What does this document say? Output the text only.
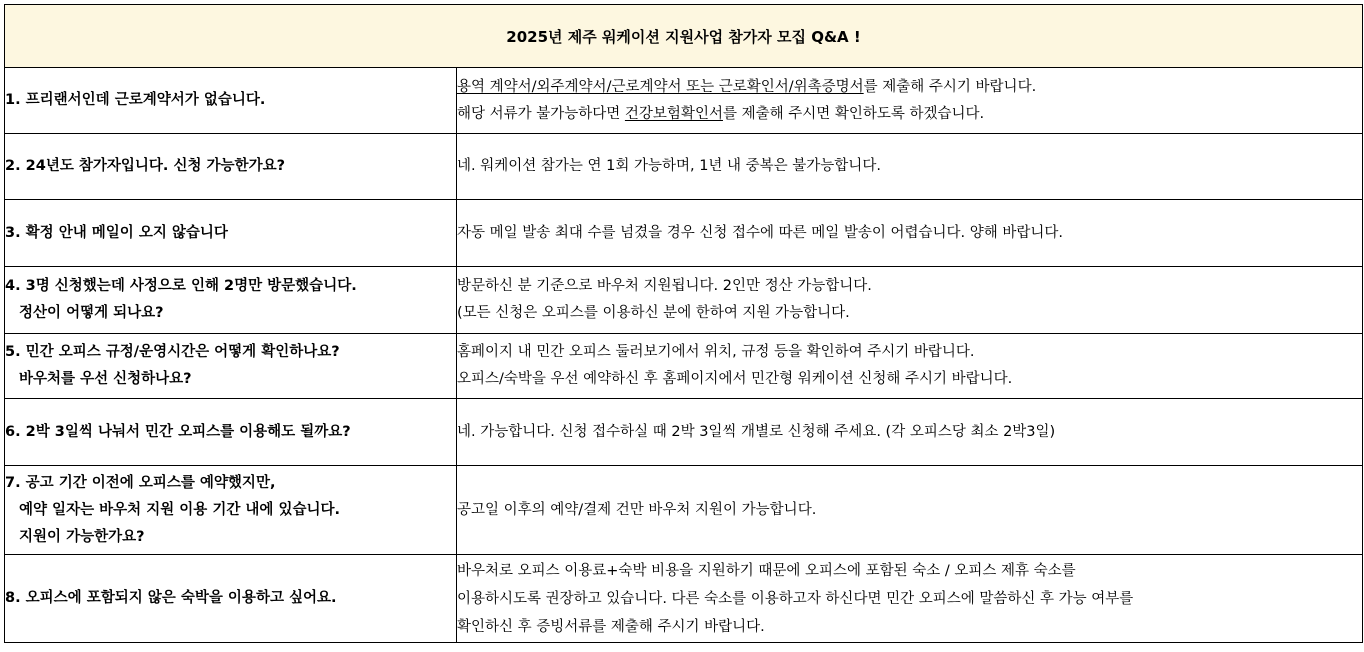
2025년 제주 워케이션 지원사업 참가자 모집 Q&A !	

1. 프리랜서인데 근로계약서가 없습니다.	용역 계약서/외주계약서/근로계약서 또는 근로확인서/위촉증명서를 제출해 주시기 바랍니다.
해당 서류가 불가능하다면 건강보험확인서를 제출해 주시면 확인하도록 하겠습니다.

2. 24년도 참가자입니다. 신청 가능한가요?	네. 워케이션 참가는 연 1회 가능하며, 1년 내 중복은 불가능합니다.

3. 확정 안내 메일이 오지 않습니다	자동 메일 발송 최대 수를 넘겼을 경우 신청 접수에 따른 메일 발송이 어렵습니다. 양해 바랍니다.

4. 3명 신청했는데 사정으로 인해 2명만 방문했습니다.
정산이 어떻게 되나요?	방문하신 분 기준으로 바우처 지원됩니다. 2인만 정산 가능합니다.
(모든 신청은 오피스를 이용하신 분에 한하여 지원 가능합니다.

5. 민간 오피스 규정/운영시간은 어떻게 확인하나요?
바우처를 우선 신청하나요?	홈페이지 내 민간 오피스 둘러보기에서 위치, 규정 등을 확인하여 주시기 바랍니다.
오피스/숙박을 우선 예약하신 후 홈페이지에서 민간형 워케이션 신청해 주시기 바랍니다.

6. 2박 3일씩 나눠서 민간 오피스를 이용해도 될까요?	네. 가능합니다. 신청 접수하실 때 2박 3일씩 개별로 신청해 주세요. (각 오피스당 최소 2박3일)

7. 공고 기간 이전에 오피스를 예약했지만,
예약 일자는 바우처 지원 이용 기간 내에 있습니다.
지원이 가능한가요?	공고일 이후의 예약/결제 건만 바우처 지원이 가능합니다.

8. 오피스에 포함되지 않은 숙박을 이용하고 싶어요.	바우처로 오피스 이용료+숙박 비용을 지원하기 때문에 오피스에 포함된 숙소 / 오피스 제휴 숙소를
이용하시도록 권장하고 있습니다. 다른 숙소를 이용하고자 하신다면 민간 오피스에 말씀하신 후 가능 여부를
확인하신 후 증빙서류를 제출해 주시기 바랍니다.
